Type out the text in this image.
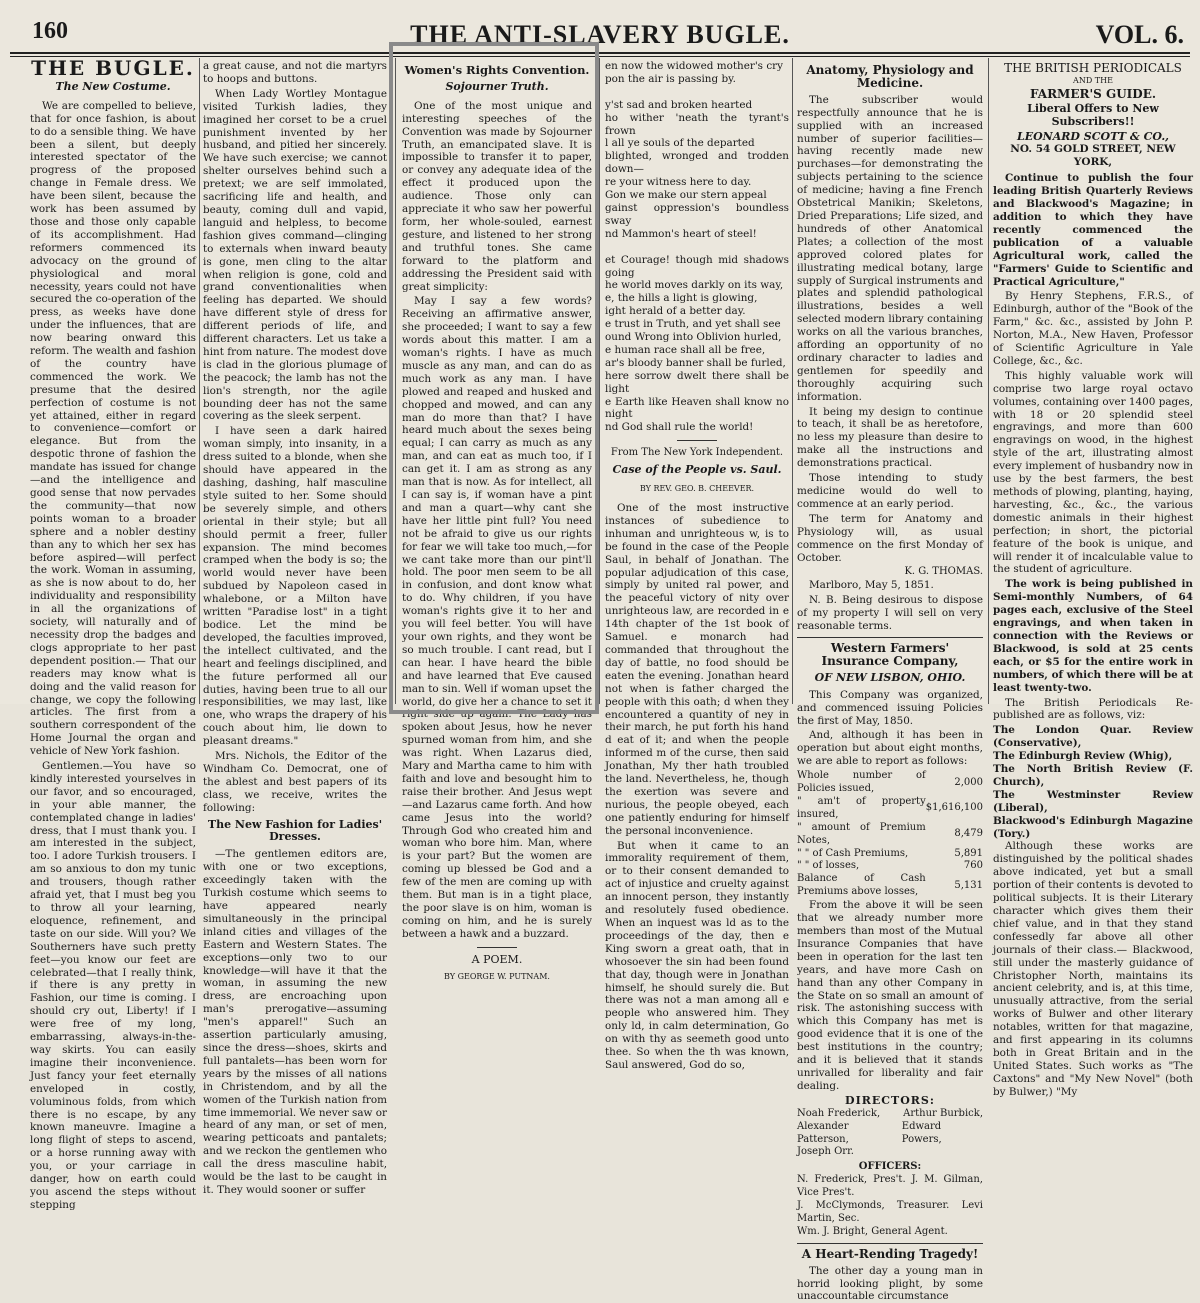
160	THE ANTI-SLAVERY BUGLE.	VOL. 6.
THE BUGLE.
The New Costume.

We are compelled to believe, that for once fashion, is about to do a sensible thing. We have been a silent, but deeply interested spectator of the progress of the proposed change in Female dress. We have been silent, because the work has been assumed by those and those only capable of its accomplishment. Had reformers commenced its advocacy on the ground of physiological and moral necessity, years could not have secured the co-operation of the press, as weeks have done under the influences, that are now bearing onward this reform. The wealth and fashion of the country have commenced the work. We presume that the desired perfection of costume is not yet attained, either in regard to convenience—comfort or elegance. But from the despotic throne of fashion the mandate has issued for change—and the intelligence and good sense that now pervades the community—that now points woman to a broader sphere and a nobler destiny than any to which her sex has before aspired—will perfect the work. Woman in assuming, as she is now about to do, her individuality and responsibility in all the organizations of society, will naturally and of necessity drop the badges and clogs appropriate to her past dependent position.— That our readers may know what is doing and the valid reason for change, we copy the following articles. The first from a southern correspondent of the Home Journal the organ and vehicle of New York fashion.

Gentlemen.—You have so kindly interested yourselves in our favor, and so encouraged, in your able manner, the contemplated change in ladies' dress, that I must thank you. I am interested in the subject, too. I adore Turkish trousers. I am so anxious to don my tunic and trousers, though rather afraid yet, that I must beg you to throw all your learning, eloquence, refinement, and taste on our side. Will you? We Southerners have such pretty feet—you know our feet are celebrated—that I really think, if there is any pretty in Fashion, our time is coming. I should cry out, Liberty! if I were free of my long, embarrassing, always-in-the-way skirts. You can easily imagine their inconvenience. Just fancy your feet eternally enveloped in costly, voluminous folds, from which there is no escape, by any known maneuvre. Imagine a long flight of steps to ascend, or a horse running away with you, or your carriage in danger, how on earth could you ascend the steps without stepping

a great cause, and not die martyrs to hoops and buttons.

When Lady Wortley Montague visited Turkish ladies, they imagined her corset to be a cruel punishment invented by her husband, and pitied her sincerely. We have such exercise; we cannot shelter ourselves behind such a pretext; we are self immolated, sacrificing life and health, and beauty, coming dull and vapid, languid and helpless, to become fashion gives command—clinging to externals when inward beauty is gone, men cling to the altar when religion is gone, cold and grand conventionalities when feeling has departed. We should have different style of dress for different periods of life, and different characters. Let us take a hint from nature. The modest dove is clad in the glorious plumage of the peacock; the lamb has not the lion's strength, nor the agile bounding deer has not the same covering as the sleek serpent.

I have seen a dark haired woman simply, into insanity, in a dress suited to a blonde, when she should have appeared in the dashing, dashing, half masculine style suited to her. Some should be severely simple, and others oriental in their style; but all should permit a freer, fuller expansion. The mind becomes cramped when the body is so; the world would never have been subdued by Napoleon cased in whalebone, or a Milton have written "Paradise lost" in a tight bodice. Let the mind be developed, the faculties improved, the intellect cultivated, and the heart and feelings disciplined, and the future performed all our duties, having been true to all our responsibilities, we may last, like one, who wraps the drapery of his couch about him, lie down to pleasant dreams."

Mrs. Nichols, the Editor of the Windham Co. Democrat, one of the ablest and best papers of its class, we receive, writes the following:

The New Fashion for Ladies' Dresses.

—The gentlemen editors are, with one or two exceptions, exceedingly taken with the Turkish costume which seems to have appeared nearly simultaneously in the principal inland cities and villages of the Eastern and Western States. The exceptions—only two to our knowledge—will have it that the woman, in assuming the new dress, are encroaching upon man's prerogative—assuming "men's apparel!" Such an assertion particularly amusing, since the dress—shoes, skirts and full pantalets—has been worn for years by the misses of all nations in Christendom, and by all the women of the Turkish nation from time immemorial. We never saw or heard of any man, or set of men, wearing petticoats and pantalets; and we reckon the gentlemen who call the dress masculine habit, would be the last to be caught in it. They would sooner or suffer

Women's Rights Convention.
Sojourner Truth.

One of the most unique and interesting speeches of the Convention was made by Sojourner Truth, an emancipated slave. It is impossible to transfer it to paper, or convey any adequate idea of the effect it produced upon the audience. Those only can appreciate it who saw her powerful form, her whole-souled, earnest gesture, and listened to her strong and truthful tones. She came forward to the platform and addressing the President said with great simplicity:

May I say a few words? Receiving an affirmative answer, she proceeded; I want to say a few words about this matter. I am a woman's rights. I have as much muscle as any man, and can do as much work as any man. I have plowed and reaped and husked and chopped and mowed, and can any man do more than that? I have heard much about the sexes being equal; I can carry as much as any man, and can eat as much too, if I can get it. I am as strong as any man that is now. As for intellect, all I can say is, if woman have a pint and man a quart—why cant she have her little pint full? You need not be afraid to give us our rights for fear we will take too much,—for we cant take more than our pint'll hold. The poor men seem to be all in confusion, and dont know what to do. Why children, if you have woman's rights give it to her and you will feel better. You will have your own rights, and they wont be so much trouble. I cant read, but I can hear. I have heard the bible and have learned that Eve caused man to sin. Well if woman upset the world, do give her a chance to set it right side up again. The Lady has spoken about Jesus, how he never spurned woman from him, and she was right. When Lazarus died, Mary and Martha came to him with faith and love and besought him to raise their brother. And Jesus wept—and Lazarus came forth. And how came Jesus into the world? Through God who created him and woman who bore him. Man, where is your part? But the women are coming up blessed be God and a few of the men are coming up with them. But man is in a tight place, the poor slave is on him, woman is coming on him, and he is surely between a hawk and a buzzard.

A POEM.
BY GEORGE W. PUTNAM.
en now the widowed mother's cry
pon the air is passing by.

y'st sad and broken hearted
ho wither 'neath the tyrant's frown
l all ye souls of the departed
blighted, wronged and trodden down—
re your witness here to day.
Gon we make our stern appeal
gainst oppression's boundless sway
nd Mammon's heart of steel!

et Courage! though mid shadows going
he world moves darkly on its way,
e, the hills a light is glowing,
ight herald of a better day.
e trust in Truth, and yet shall see
ound Wrong into Oblivion hurled,
e human race shall all be free,
ar's bloody banner shall be furled,
here sorrow dwelt there shall be light
e Earth like Heaven shall know no night
nd God shall rule the world!
From The New York Independent.
Case of the People vs. Saul.
BY REV. GEO. B. CHEEVER.

One of the most instructive instances of subedience to inhuman and unrighteous w, is to be found in the case of the People Saul, in behalf of Jonathan. The popular adjudication of this case, simply by united ral power, and the peaceful victory of nity over unrighteous law, are recorded in e 14th chapter of the 1st book of Samuel. e monarch had commanded that throughout the day of battle, no food should be eaten the evening. Jonathan heard not when is father charged the people with this oath; d when they encountered a quantity of ney in their march, he put forth his hand d eat of it; and when the people informed m of the curse, then said Jonathan, My ther hath troubled the land. Nevertheless, he, though the exertion was severe and nurious, the people obeyed, each one patiently enduring for himself the personal inconvenience.

But when it came to an immorality requirement of them, or to their consent demanded to act of injustice and cruelty against an innocent person, they instantly and resolutely fused obedience. When an inquest was ld as to the proceedings of the day, then e King sworn a great oath, that in whosoever the sin had been found that day, though were in Jonathan himself, he should surely die. But there was not a man among all e people who answered him. They only ld, in calm determination, Go on with thy as seemeth good unto thee. So when the th was known, Saul answered, God do so,

Anatomy, Physiology and Medicine.

The subscriber would respectfully announce that he is supplied with an increased number of superior facilities—having recently made new purchases—for demonstrating the subjects pertaining to the science of medicine; having a fine French Obstetrical Manikin; Skeletons, Dried Preparations; Life sized, and hundreds of other Anatomical Plates; a collection of the most approved colored plates for illustrating medical botany, large supply of Surgical instruments and plates and splendid pathological illustrations, besides a well selected modern library containing works on all the various branches, affording an opportunity of no ordinary character to ladies and gentlemen for speedily and thoroughly acquiring such information.

It being my design to continue to teach, it shall be as heretofore, no less my pleasure than desire to make all the instructions and demonstrations practical.

Those intending to study medicine would do well to commence at an early period.

The term for Anatomy and Physiology will, as usual commence on the first Monday of October.

K. G. THOMAS.

Marlboro, May 5, 1851.

N. B. Being desirous to dispose of my property I will sell on very reasonable terms.

Western Farmers' Insurance Company,
OF NEW LISBON, OHIO.

This Company was organized, and commenced issuing Policies the first of May, 1850.

And, although it has been in operation but about eight months, we are able to report as follows:

Whole number of Policies issued,	2,000
" am't of property insured,	$1,616,100
" amount of Premium Notes,	8,479
" " of Cash Premiums,	5,891
" " of losses,	760
Balance of Cash Premiums above losses,	5,131

From the above it will be seen that we already number more members than most of the Mutual Insurance Companies that have been in operation for the last ten years, and have more Cash on hand than any other Company in the State on so small an amount of risk. The astonishing success with which this Company has met is good evidence that it is one of the best institutions in the country; and it is believed that it stands unrivalled for liberality and fair dealing.

DIRECTORS:
Noah Frederick, Arthur Burbick,
Alexander Patterson,
Edward Powers,
Joseph Orr.
OFFICERS:
N. Frederick, Pres't. J. M. Gilman, Vice Pres't.
J. McClymonds, Treasurer. Levi Martin, Sec.
Wm. J. Bright, General Agent.
A Heart-Rending Tragedy!

The other day a young man in horrid looking plight, by some unaccountable circumstance

THE BRITISH PERIODICALS
AND THE
FARMER'S GUIDE.
Liberal Offers to New Subscribers!!
LEONARD SCOTT & CO.,
NO. 54 GOLD STREET, NEW YORK,

Continue to publish the four leading British Quarterly Reviews and Blackwood's Magazine; in addition to which they have recently commenced the publication of a valuable Agricultural work, called the "Farmers' Guide to Scientific and Practical Agriculture,"

By Henry Stephens, F.R.S., of Edinburgh, author of the "Book of the Farm," &c. &c., assisted by John P. Norton, M.A., New Haven, Professor of Scientific Agriculture in Yale College, &c., &c.

This highly valuable work will comprise two large royal octavo volumes, containing over 1400 pages, with 18 or 20 splendid steel engravings, and more than 600 engravings on wood, in the highest style of the art, illustrating almost every implement of husbandry now in use by the best farmers, the best methods of plowing, planting, haying, harvesting, &c., &c., the various domestic animals in their highest perfection; in short, the pictorial feature of the book is unique, and will render it of incalculable value to the student of agriculture.

The work is being published in Semi-monthly Numbers, of 64 pages each, exclusive of the Steel engravings, and when taken in connection with the Reviews or Blackwood, is sold at 25 cents each, or $5 for the entire work in numbers, of which there will be at least twenty-two.

The British Periodicals Re-published are as follows, viz:

The London Quar. Review (Conservative),
The Edinburgh Review (Whig),
The North British Review (F. Church),
The Westminster Review (Liberal),
Blackwood's Edinburgh Magazine (Tory.)

Although these works are distinguished by the political shades above indicated, yet but a small portion of their contents is devoted to political subjects. It is their Literary character which gives them their chief value, and in that they stand confessedly far above all other journals of their class.— Blackwood, still under the masterly guidance of Christopher North, maintains its ancient celebrity, and is, at this time, unusually attractive, from the serial works of Bulwer and other literary notables, written for that magazine, and first appearing in its columns both in Great Britain and in the United States. Such works as "The Caxtons" and "My New Novel" (both by Bulwer,) "My
